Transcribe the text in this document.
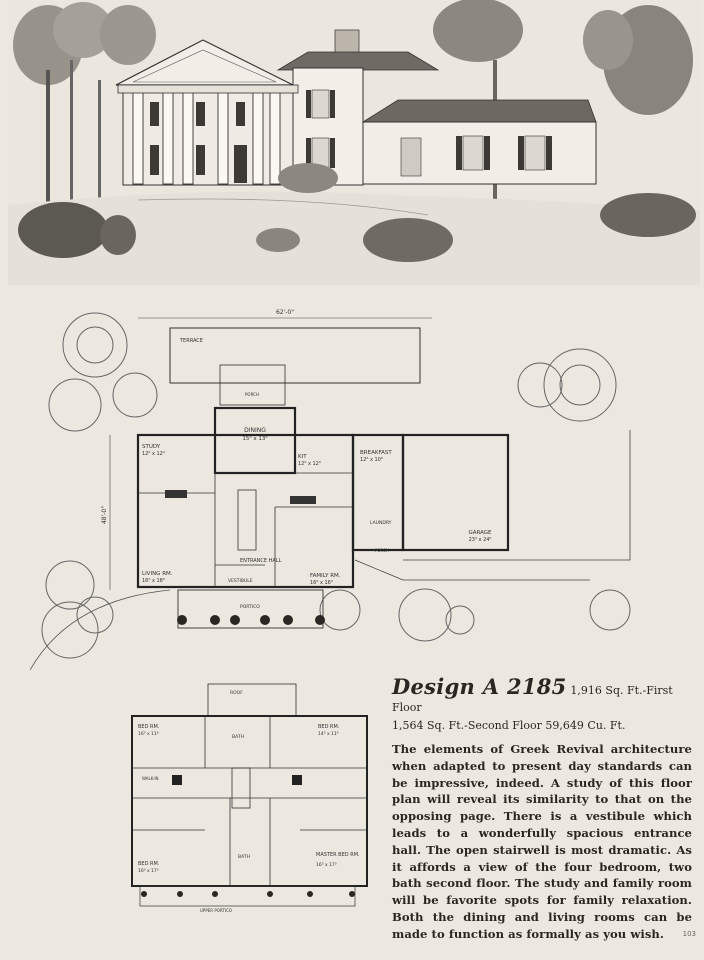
62'-0"
48'-0"
TERRACE
PORCH
DINING
15⁰ x 13⁰
STUDY
12⁰ x 12⁰	KIT
12⁰ x 12⁰
BREAKFAST
12⁶ x 10⁰
GARAGE
23⁴ x 24⁰
LAUNDRY
ENTRANCE HALL
VESTIBULE
LIVING RM.
16⁰ x 18⁰
FAMILY RM.
16⁰ x 16⁰
PORTICO
PORCH
ROOF
BED RM.
16⁰ x 11⁶
BED RM.
14⁰ x 11⁴
BED RM.
16⁰ x 17⁰
MASTER BED RM.
16⁰ x 17⁰
BATH
BATH
WALK-IN
UPPER PORTICO
Design A 2185 1,916 Sq. Ft.-First Floor
1,564 Sq. Ft.-Second Floor 59,649 Cu. Ft.
The elements of Greek Revival architecture when adapted to present day standards can be impressive, indeed. A study of this floor plan will reveal its similarity to that on the opposing page. There is a vestibule which leads to a wonderfully spacious entrance hall. The open stairwell is most dramatic. As it affords a view of the four bedroom, two bath second floor. The study and family room will be favorite spots for family relaxation. Both the dining and living rooms can be made to function as formally as you wish.	103
